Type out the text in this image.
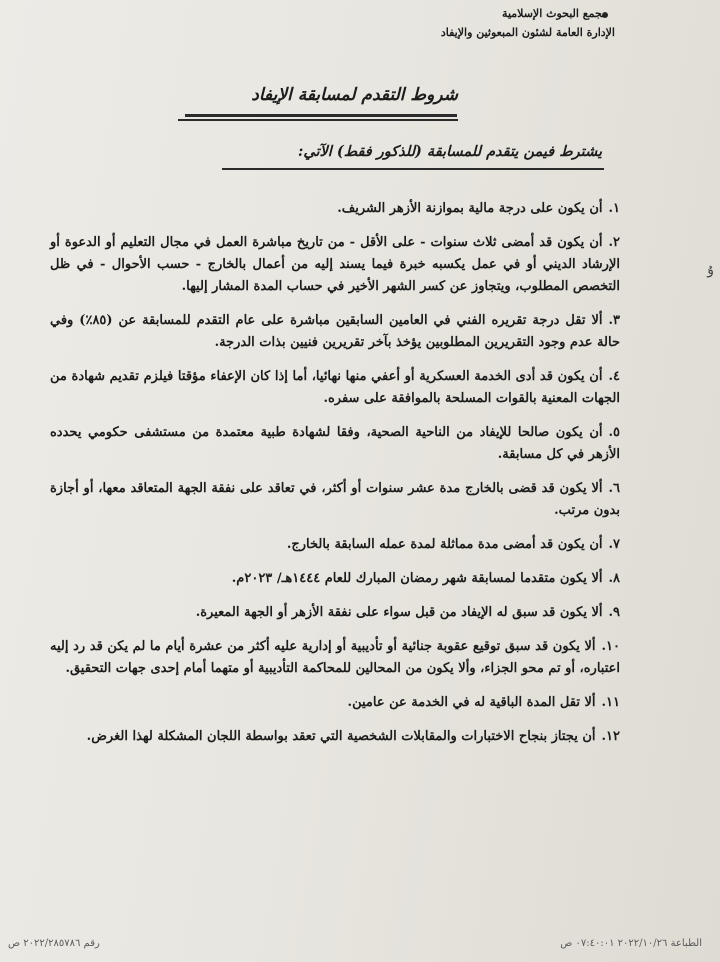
مجمع البحوث الإسلامية
الإدارة العامة لشئون المبعوثين والإيفاد
شروط التقدم لمسابقة الإيفاد
يشترط فيمن يتقدم للمسابقة (للذكور فقط) الآتي:
ﯗ
١.أن يكون على درجة مالية بموازنة الأزهر الشريف.
٢.أن يكون قد أمضى ثلاث سنوات - على الأقل - من تاريخ مباشرة العمل في مجال التعليم أو الدعوة أو الإرشاد الديني أو في عمل يكسبه خبرة فيما يسند إليه من أعمال بالخارج - حسب الأحوال - في ظل التخصص المطلوب، ويتجاوز عن كسر الشهر الأخير في حساب المدة المشار إليها.
٣.ألا تقل درجة تقريره الفني في العامين السابقين مباشرة على عام التقدم للمسابقة عن (٨٥٪) وفي حالة عدم وجود التقريرين المطلوبين يؤخذ بآخر تقريرين فنيين بذات الدرجة.
٤.أن يكون قد أدى الخدمة العسكرية أو أعفي منها نهائيا، أما إذا كان الإعفاء مؤقتا فيلزم تقديم شهادة من الجهات المعنية بالقوات المسلحة بالموافقة على سفره.
٥.أن يكون صالحا للإيفاد من الناحية الصحية، وفقا لشهادة طبية معتمدة من مستشفى حكومي يحدده الأزهر في كل مسابقة.
٦.ألا يكون قد قضى بالخارج مدة عشر سنوات أو أكثر، في تعاقد على نفقة الجهة المتعاقد معها، أو أجازة بدون مرتب.
٧.أن يكون قد أمضى مدة مماثلة لمدة عمله السابقة بالخارج.
٨.ألا يكون متقدما لمسابقة شهر رمضان المبارك للعام ١٤٤٤هـ/ ٢٠٢٣م.
٩.ألا يكون قد سبق له الإيفاد من قبل سواء على نفقة الأزهر أو الجهة المعيرة.
١٠.ألا يكون قد سبق توقيع عقوبة جنائية أو تأديبية أو إدارية عليه أكثر من عشرة أيام ما لم يكن قد رد إليه اعتباره، أو تم محو الجزاء، وألا يكون من المحالين للمحاكمة التأديبية أو متهما أمام إحدى جهات التحقيق.
١١.ألا تقل المدة الباقية له في الخدمة عن عامين.
١٢.أن يجتاز بنجاح الاختبارات والمقابلات الشخصية التي تعقد بواسطة اللجان المشكلة لهذا الغرض.
الطباعة ٢٠٢٢/١٠/٢٦ ٠٧:٤٠:٠١ ص
رقم ٢٠٢٢/٢٨٥٧٨٦ ص
